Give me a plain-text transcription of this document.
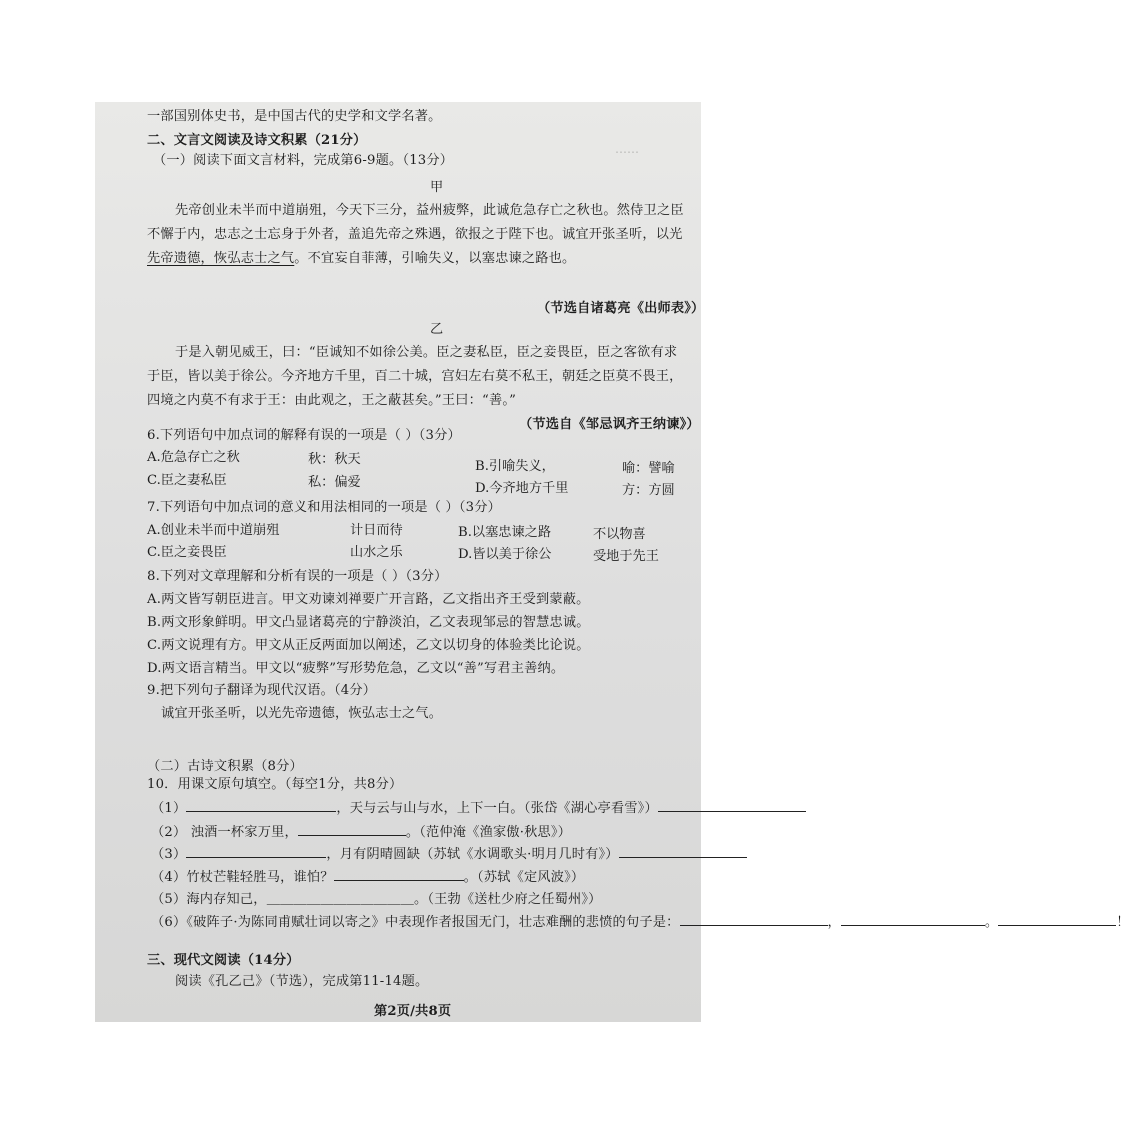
……
一部国别体史书，是中国古代的史学和文学名著。
二、文言文阅读及诗文积累（21分）
（一）阅读下面文言材料，完成第6-9题。（13分）
甲
先帝创业未半而中道崩殂，今天下三分，益州疲弊，此诚危急存亡之秋也。然侍卫之臣
不懈于内，忠志之士忘身于外者，盖追先帝之殊遇，欲报之于陛下也。诚宜开张圣听，以光
先帝遗德，恢弘志士之气。不宜妄自菲薄，引喻失义，以塞忠谏之路也。
（节选自诸葛亮《出师表》）
乙
于是入朝见威王，曰：“臣诚知不如徐公美。臣之妻私臣，臣之妾畏臣，臣之客欲有求
于臣，皆以美于徐公。今齐地方千里，百二十城，宫妇左右莫不私王，朝廷之臣莫不畏王，
四境之内莫不有求于王：由此观之，王之蔽甚矣。”王曰：“善。”
（节选自《邹忌讽齐王纳谏》）
6.下列语句中加点词的解释有误的一项是（ ）（3分）
A.危急存亡之秋	秋：秋天	B.引喻失义，	喻：譬喻
C.臣之妻私臣	私：偏爱	D.今齐地方千里	方：方圆
7.下列语句中加点词的意义和用法相同的一项是（ ）（3分）
A.创业未半而中道崩殂	计日而待	B.以塞忠谏之路	不以物喜
C.臣之妾畏臣	山水之乐	D.皆以美于徐公	受地于先王
8.下列对文章理解和分析有误的一项是（ ）（3分）
A.两文皆写朝臣进言。甲文劝谏刘禅要广开言路，乙文指出齐王受到蒙蔽。
B.两文形象鲜明。甲文凸显诸葛亮的宁静淡泊，乙文表现邹忌的智慧忠诚。
C.两文说理有方。甲文从正反两面加以阐述，乙文以切身的体验类比论说。
D.两文语言精当。甲文以“疲弊”写形势危急，乙文以“善”写君主善纳。
9.把下列句子翻译为现代汉语。（4分）
诚宜开张圣听，以光先帝遗德，恢弘志士之气。
（二）古诗文积累（8分）
10．用课文原句填空。（每空1分，共8分）
（1）	，天与云与山与水，上下一白。（张岱《湖心亭看雪》）
（2） 浊酒一杯家万里，	。（范仲淹《渔家傲·秋思》）
（3）	，月有阴晴圆缺（苏轼《水调歌头·明月几时有》）
（4）竹杖芒鞋轻胜马，谁怕？	。（苏轼《定风波》）
（5）海内存知己，＿＿＿＿＿＿＿＿＿＿＿。（王勃《送杜少府之任蜀州》）
（6）《破阵子·为陈同甫赋壮词以寄之》中表现作者报国无门，壮志难酬的悲愤的句子是：	，	。	！
三、现代文阅读（14分）
阅读《孔乙己》（节选），完成第11-14题。
第2页/共8页
